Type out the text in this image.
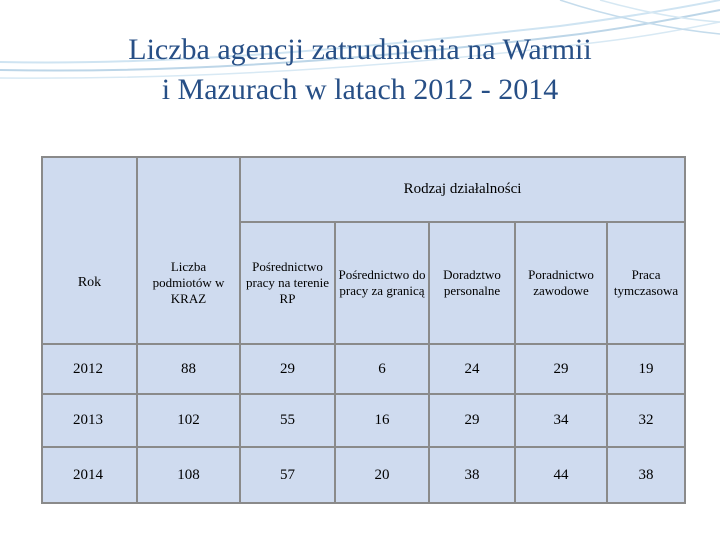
Liczba agencji zatrudnienia na Warmii
i Mazurach w latach 2012 - 2014
		Rodzaj działalności				
Rok	Liczba podmiotów w KRAZ	Pośrednictwo pracy na terenie RP	Pośrednictwo do pracy za granicą	Doradztwo personalne	Poradnictwo zawodowe	Praca tymczasowa
2012	88	29	6	24	29	19
2013	102	55	16	29	34	32
2014	108	57	20	38	44	38
